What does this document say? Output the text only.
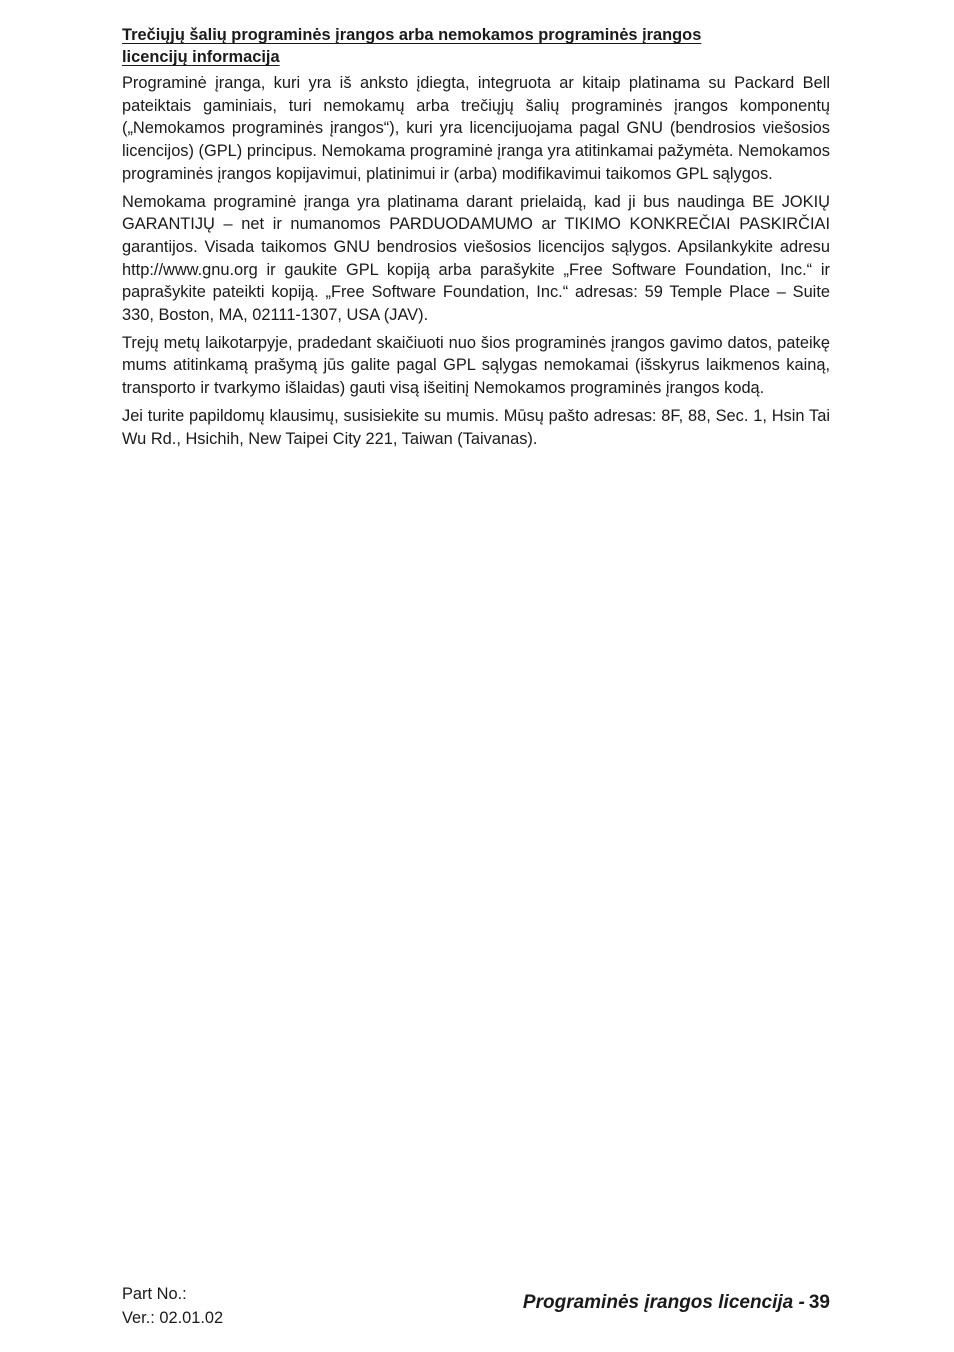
Trečiųjų šalių programinės įrangos arba nemokamos programinės įrangos
licencijų informacija

Programinė įranga, kuri yra iš anksto įdiegta, integruota ar kitaip platinama su Packard Bell pateiktais gaminiais, turi nemokamų arba trečiųjų šalių programinės įrangos komponentų („Nemokamos programinės įrangos“), kuri yra licencijuojama pagal GNU (bendrosios viešosios licencijos) (GPL) principus. Nemokama programinė įranga yra atitinkamai pažymėta. Nemokamos programinės įrangos kopijavimui, platinimui ir (arba) modifikavimui taikomos GPL sąlygos.

Nemokama programinė įranga yra platinama darant prielaidą, kad ji bus naudinga BE JOKIŲ GARANTIJŲ – net ir numanomos PARDUODAMUMO ar TIKIMO KONKREČIAI PASKIRČIAI garantijos. Visada taikomos GNU bendrosios viešosios licencijos sąlygos. Apsilankykite adresu http://www.gnu.org ir gaukite GPL kopiją arba parašykite „Free Software Foundation, Inc.“ ir paprašykite pateikti kopiją. „Free Software Foundation, Inc.“ adresas: 59 Temple Place – Suite 330, Boston, MA, 02111-1307, USA (JAV).

Trejų metų laikotarpyje, pradedant skaičiuoti nuo šios programinės įrangos gavimo datos, pateikę mums atitinkamą prašymą jūs galite pagal GPL sąlygas nemokamai (išskyrus laikmenos kainą, transporto ir tvarkymo išlaidas) gauti visą išeitinį Nemokamos programinės įrangos kodą.

Jei turite papildomų klausimų, susisiekite su mumis. Mūsų pašto adresas: 8F, 88, Sec. 1, Hsin Tai Wu Rd., Hsichih, New Taipei City 221, Taiwan (Taivanas).

Part No.:
Ver.: 02.01.02
Programinės įrangos licencija - 39
